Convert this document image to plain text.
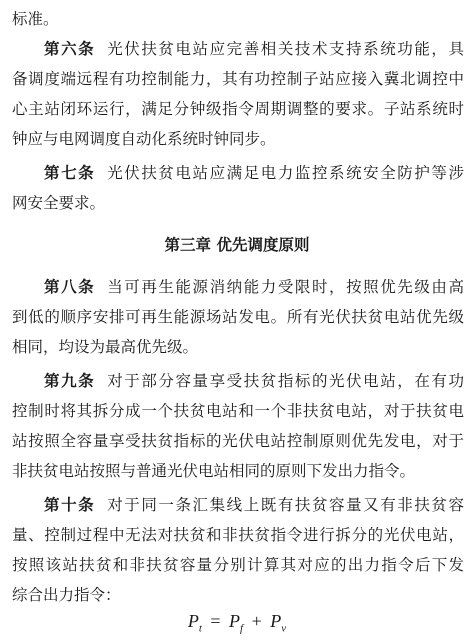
标准。
第六条 光伏扶贫电站应完善相关技术支持系统功能，具
备调度端远程有功控制能力，其有功控制子站应接入冀北调控中
心主站闭环运行，满足分钟级指令周期调整的要求。子站系统时
钟应与电网调度自动化系统时钟同步。
第七条 光伏扶贫电站应满足电力监控系统安全防护等涉
网安全要求。
第三章 优先调度原则
第八条 当可再生能源消纳能力受限时，按照优先级由高
到低的顺序安排可再生能源场站发电。所有光伏扶贫电站优先级
相同，均设为最高优先级。
第九条 对于部分容量享受扶贫指标的光伏电站，在有功
控制时将其拆分成一个扶贫电站和一个非扶贫电站，对于扶贫电
站按照全容量享受扶贫指标的光伏电站控制原则优先发电，对于
非扶贫电站按照与普通光伏电站相同的原则下发出力指令。
第十条 对于同一条汇集线上既有扶贫容量又有非扶贫容
量、控制过程中无法对扶贫和非扶贫指令进行拆分的光伏电站，
按照该站扶贫和非扶贫容量分别计算其对应的出力指令后下发
综合出力指令：
$P_t = P_f + P_v$
